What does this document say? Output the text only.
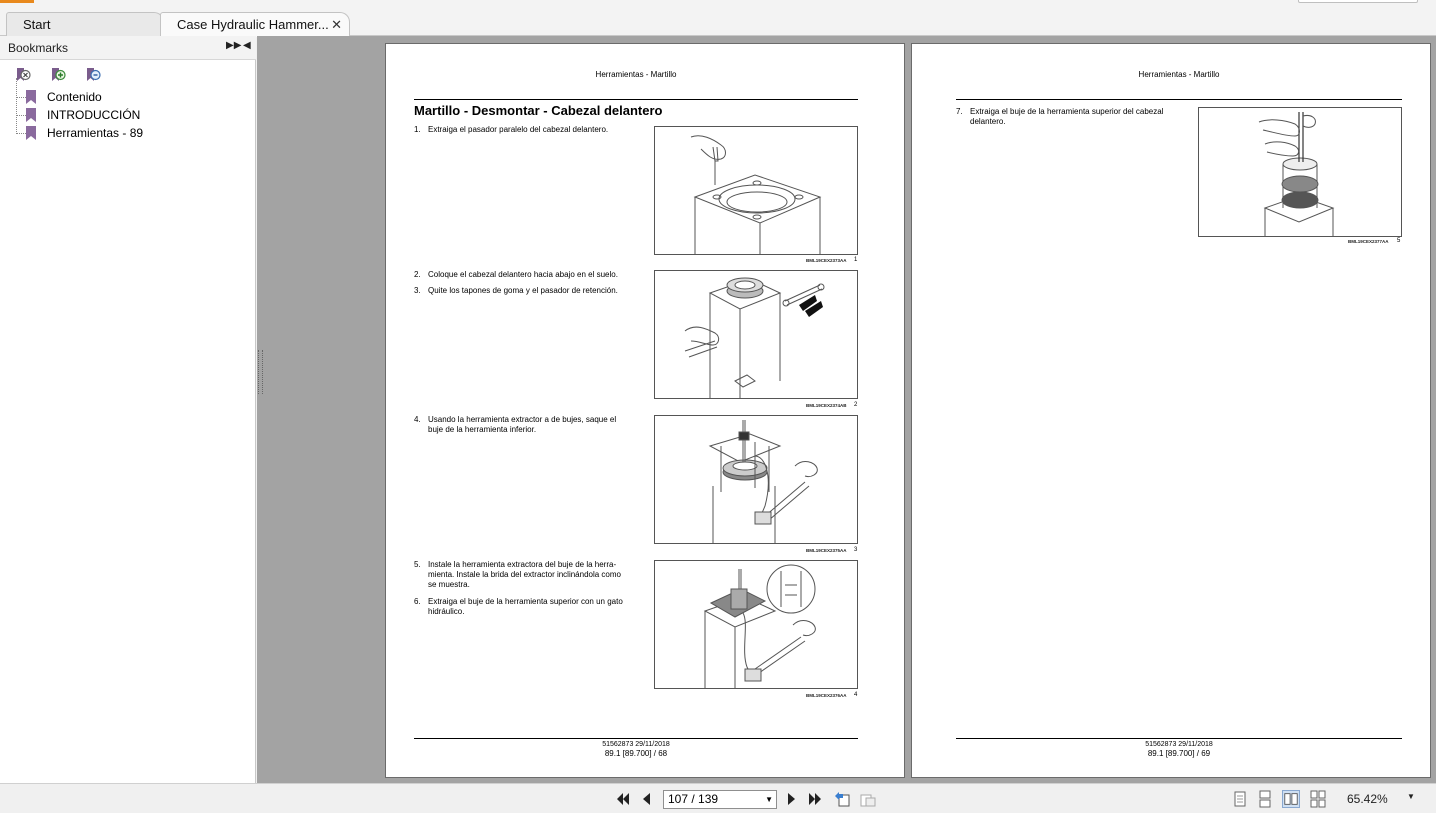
Start	Case Hydraulic Hammer... ✕
Bookmarks	▶▶ ◀
Contenido
INTRODUCCIÓN
Herramientas - 89
Herramientas - Martillo
Martillo - Desmontar - Cabezal delantero
1. Extraiga el pasador paralelo del cabezal delantero.
2. Coloque el cabezal delantero hacia abajo en el suelo.
3. Quite los tapones de goma y el pasador de retención.
4. Usando la herramienta extractor a de bujes, saque el
buje de la herramienta inferior.
5. Instale la herramienta extractora del buje de la herra-
mienta. Instale la brida del extractor inclinándola como
se muestra.
6. Extraiga el buje de la herramienta superior con un gato
hidráulico.
BML19CEX2373AA 1
BML19CEX2374AB 2
BML19CEX2375AA 3
BML19CEX2376AA 4
51562873 29/11/2018
89.1 [89.700] / 68
Herramientas - Martillo
7. Extraiga el buje de la herramienta superior del cabezal
delantero.
BML19CEX2377AA 5
51562873 29/11/2018
89.1 [89.700] / 69
107 / 139	▼	65.42% ▼
